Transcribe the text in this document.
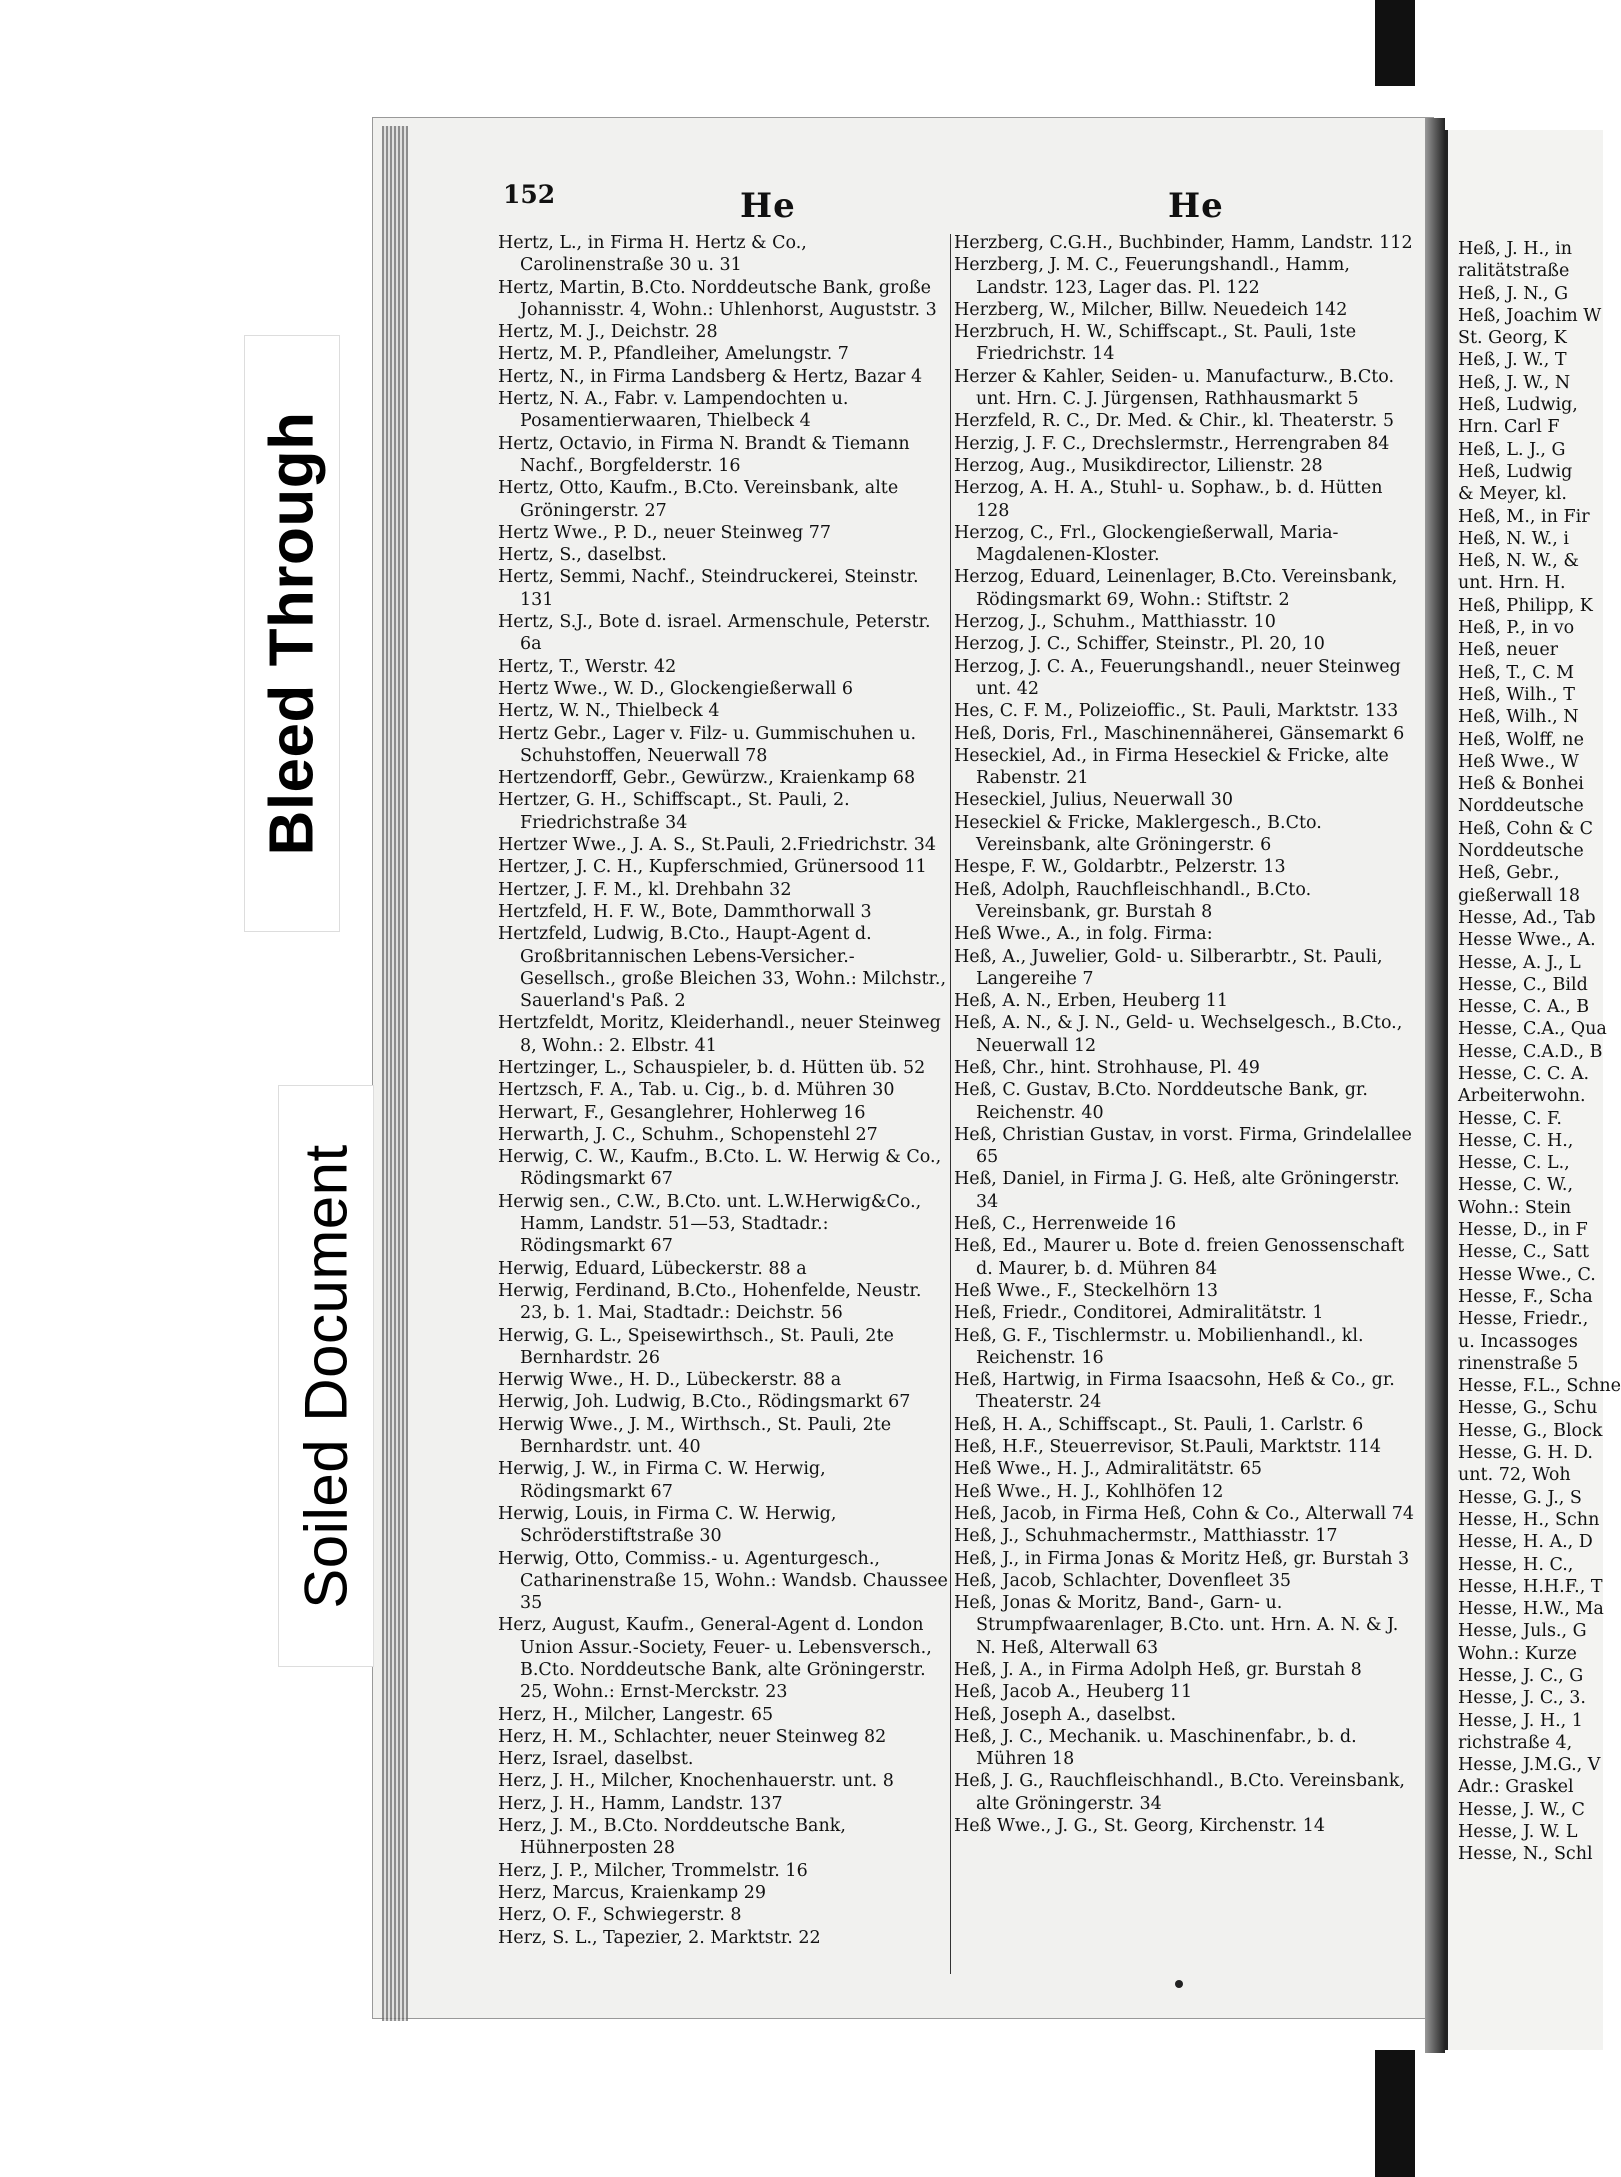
Heß, J. H., in

ralitätstraße

Heß, J. N., G

Heß, Joachim W

St. Georg, K

Heß, J. W., T

Heß, J. W., N

Heß, Ludwig,

Hrn. Carl F

Heß, L. J., G

Heß, Ludwig

& Meyer, kl.

Heß, M., in Fir

Heß, N. W., i

Heß, N. W., &

unt. Hrn. H.

Heß, Philipp, K

Heß, P., in vo

Heß, neuer

Heß, T., C. M

Heß, Wilh., T

Heß, Wilh., N

Heß, Wolff, ne

Heß Wwe., W

Heß & Bonhei

Norddeutsche

Heß, Cohn & C

Norddeutsche

Heß, Gebr.,

gießerwall 18

Hesse, Ad., Tab

Hesse Wwe., A.

Hesse, A. J., L

Hesse, C., Bild

Hesse, C. A., B

Hesse, C.A., Qua

Hesse, C.A.D., B

Hesse, C. C. A.

Arbeiterwohn.

Hesse, C. F.

Hesse, C. H.,

Hesse, C. L.,

Hesse, C. W.,

Wohn.: Stein

Hesse, D., in F

Hesse, C., Satt

Hesse Wwe., C.

Hesse, F., Scha

Hesse, Friedr.,

u. Incassoges

rinenstraße 5

Hesse, F.L., Schne

Hesse, G., Schu

Hesse, G., Block

Hesse, G. H. D.

unt. 72, Woh

Hesse, G. J., S

Hesse, H., Schn

Hesse, H. A., D

Hesse, H. C.,

Hesse, H.H.F., T

Hesse, H.W., Ma

Hesse, Juls., G

Wohn.: Kurze

Hesse, J. C., G

Hesse, J. C., 3.

Hesse, J. H., 1

richstraße 4,

Hesse, J.M.G., V

Adr.: Graskel

Hesse, J. W., C

Hesse, J. W. L

Hesse, N., Schl

152	He	He

Hertz, L., in Firma H. Hertz & Co., Carolinenstraße 30 u. 31

Hertz, Martin, B.Cto. Norddeutsche Bank, große Johannisstr. 4, Wohn.: Uhlenhorst, Auguststr. 3

Hertz, M. J., Deichstr. 28

Hertz, M. P., Pfandleiher, Amelungstr. 7

Hertz, N., in Firma Landsberg & Hertz, Bazar 4

Hertz, N. A., Fabr. v. Lampendochten u. Posamentierwaaren, Thielbeck 4

Hertz, Octavio, in Firma N. Brandt & Tiemann Nachf., Borgfelderstr. 16

Hertz, Otto, Kaufm., B.Cto. Vereinsbank, alte Gröningerstr. 27

Hertz Wwe., P. D., neuer Steinweg 77

Hertz, S., daselbst.

Hertz, Semmi, Nachf., Steindruckerei, Steinstr. 131

Hertz, S.J., Bote d. israel. Armenschule, Peterstr. 6a

Hertz, T., Werstr. 42

Hertz Wwe., W. D., Glockengießerwall 6

Hertz, W. N., Thielbeck 4

Hertz Gebr., Lager v. Filz- u. Gummischuhen u. Schuhstoffen, Neuerwall 78

Hertzendorff, Gebr., Gewürzw., Kraienkamp 68

Hertzer, G. H., Schiffscapt., St. Pauli, 2. Friedrichstraße 34

Hertzer Wwe., J. A. S., St.Pauli, 2.Friedrichstr. 34

Hertzer, J. C. H., Kupferschmied, Grünersood 11

Hertzer, J. F. M., kl. Drehbahn 32

Hertzfeld, H. F. W., Bote, Dammthorwall 3

Hertzfeld, Ludwig, B.Cto., Haupt-Agent d. Großbritannischen Lebens-Versicher.-Gesellsch., große Bleichen 33, Wohn.: Milchstr., Sauerland's Paß. 2

Hertzfeldt, Moritz, Kleiderhandl., neuer Steinweg 8, Wohn.: 2. Elbstr. 41

Hertzinger, L., Schauspieler, b. d. Hütten üb. 52

Hertzsch, F. A., Tab. u. Cig., b. d. Mühren 30

Herwart, F., Gesanglehrer, Hohlerweg 16

Herwarth, J. C., Schuhm., Schopenstehl 27

Herwig, C. W., Kaufm., B.Cto. L. W. Herwig & Co., Rödingsmarkt 67

Herwig sen., C.W., B.Cto. unt. L.W.Herwig&Co., Hamm, Landstr. 51—53, Stadtadr.: Rödingsmarkt 67

Herwig, Eduard, Lübeckerstr. 88 a

Herwig, Ferdinand, B.Cto., Hohenfelde, Neustr. 23, b. 1. Mai, Stadtadr.: Deichstr. 56

Herwig, G. L., Speisewirthsch., St. Pauli, 2te Bernhardstr. 26

Herwig Wwe., H. D., Lübeckerstr. 88 a

Herwig, Joh. Ludwig, B.Cto., Rödingsmarkt 67

Herwig Wwe., J. M., Wirthsch., St. Pauli, 2te Bernhardstr. unt. 40

Herwig, J. W., in Firma C. W. Herwig, Rödingsmarkt 67

Herwig, Louis, in Firma C. W. Herwig, Schröderstiftstraße 30

Herwig, Otto, Commiss.- u. Agenturgesch., Catharinenstraße 15, Wohn.: Wandsb. Chaussee 35

Herz, August, Kaufm., General-Agent d. London Union Assur.-Society, Feuer- u. Lebensversch., B.Cto. Norddeutsche Bank, alte Gröningerstr. 25, Wohn.: Ernst-Merckstr. 23

Herz, H., Milcher, Langestr. 65

Herz, H. M., Schlachter, neuer Steinweg 82

Herz, Israel, daselbst.

Herz, J. H., Milcher, Knochenhauerstr. unt. 8

Herz, J. H., Hamm, Landstr. 137

Herz, J. M., B.Cto. Norddeutsche Bank, Hühnerposten 28

Herz, J. P., Milcher, Trommelstr. 16

Herz, Marcus, Kraienkamp 29

Herz, O. F., Schwiegerstr. 8

Herz, S. L., Tapezier, 2. Marktstr. 22

Herzberg, C.G.H., Buchbinder, Hamm, Landstr. 112

Herzberg, J. M. C., Feuerungshandl., Hamm, Landstr. 123, Lager das. Pl. 122

Herzberg, W., Milcher, Billw. Neuedeich 142

Herzbruch, H. W., Schiffscapt., St. Pauli, 1ste Friedrichstr. 14

Herzer & Kahler, Seiden- u. Manufacturw., B.Cto. unt. Hrn. C. J. Jürgensen, Rathhausmarkt 5

Herzfeld, R. C., Dr. Med. & Chir., kl. Theaterstr. 5

Herzig, J. F. C., Drechslermstr., Herrengraben 84

Herzog, Aug., Musikdirector, Lilienstr. 28

Herzog, A. H. A., Stuhl- u. Sophaw., b. d. Hütten 128

Herzog, C., Frl., Glockengießerwall, Maria-Magdalenen-Kloster.

Herzog, Eduard, Leinenlager, B.Cto. Vereinsbank, Rödingsmarkt 69, Wohn.: Stiftstr. 2

Herzog, J., Schuhm., Matthiasstr. 10

Herzog, J. C., Schiffer, Steinstr., Pl. 20, 10

Herzog, J. C. A., Feuerungshandl., neuer Steinweg unt. 42

Hes, C. F. M., Polizeioffic., St. Pauli, Marktstr. 133

Heß, Doris, Frl., Maschinennäherei, Gänsemarkt 6

Heseckiel, Ad., in Firma Heseckiel & Fricke, alte Rabenstr. 21

Heseckiel, Julius, Neuerwall 30

Heseckiel & Fricke, Maklergesch., B.Cto. Vereinsbank, alte Gröningerstr. 6

Hespe, F. W., Goldarbtr., Pelzerstr. 13

Heß, Adolph, Rauchfleischhandl., B.Cto. Vereinsbank, gr. Burstah 8

Heß Wwe., A., in folg. Firma:

Heß, A., Juwelier, Gold- u. Silberarbtr., St. Pauli, Langereihe 7

Heß, A. N., Erben, Heuberg 11

Heß, A. N., & J. N., Geld- u. Wechselgesch., B.Cto., Neuerwall 12

Heß, Chr., hint. Strohhause, Pl. 49

Heß, C. Gustav, B.Cto. Norddeutsche Bank, gr. Reichenstr. 40

Heß, Christian Gustav, in vorst. Firma, Grindelallee 65

Heß, Daniel, in Firma J. G. Heß, alte Gröningerstr. 34

Heß, C., Herrenweide 16

Heß, Ed., Maurer u. Bote d. freien Genossenschaft d. Maurer, b. d. Mühren 84

Heß Wwe., F., Steckelhörn 13

Heß, Friedr., Conditorei, Admiralitätstr. 1

Heß, G. F., Tischlermstr. u. Mobilienhandl., kl. Reichenstr. 16

Heß, Hartwig, in Firma Isaacsohn, Heß & Co., gr. Theaterstr. 24

Heß, H. A., Schiffscapt., St. Pauli, 1. Carlstr. 6

Heß, H.F., Steuerrevisor, St.Pauli, Marktstr. 114

Heß Wwe., H. J., Admiralitätstr. 65

Heß Wwe., H. J., Kohlhöfen 12

Heß, Jacob, in Firma Heß, Cohn & Co., Alterwall 74

Heß, J., Schuhmachermstr., Matthiasstr. 17

Heß, J., in Firma Jonas & Moritz Heß, gr. Burstah 3

Heß, Jacob, Schlachter, Dovenfleet 35

Heß, Jonas & Moritz, Band-, Garn- u. Strumpfwaarenlager, B.Cto. unt. Hrn. A. N. & J. N. Heß, Alterwall 63

Heß, J. A., in Firma Adolph Heß, gr. Burstah 8

Heß, Jacob A., Heuberg 11

Heß, Joseph A., daselbst.

Heß, J. C., Mechanik. u. Maschinenfabr., b. d. Mühren 18

Heß, J. G., Rauchfleischhandl., B.Cto. Vereinsbank, alte Gröningerstr. 34

Heß Wwe., J. G., St. Georg, Kirchenstr. 14

Bleed Through
Soiled Document
